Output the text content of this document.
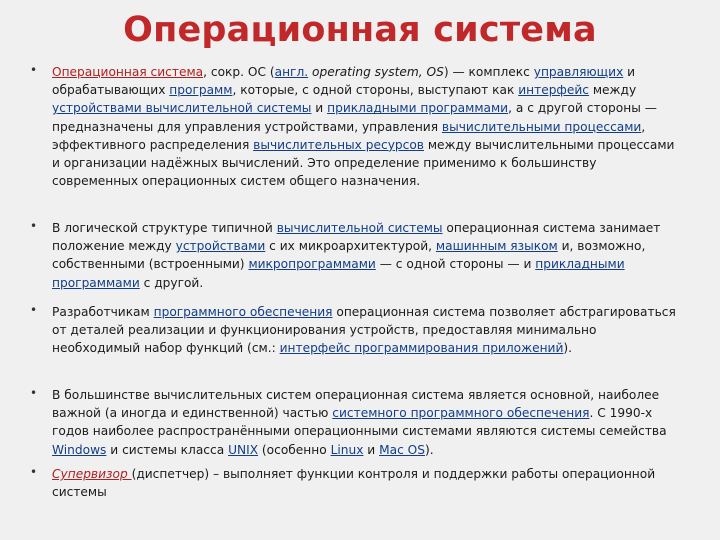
Операционная система
• Операционная система, сокр. ОС (англ. operating system, OS) — комплекс управляющих и обрабатывающих программ, которые, с одной стороны, выступают как интерфейс между устройствами вычислительной системы и прикладными программами, а с другой стороны — предназначены для управления устройствами, управления вычислительными процессами, эффективного распределения вычислительных ресурсов между вычислительными процессами и организации надёжных вычислений. Это определение применимо к большинству современных операционных систем общего назначения.
• В логической структуре типичной вычислительной системы операционная система занимает положение между устройствами с их микроархитектурой, машинным языком и, возможно, собственными (встроенными) микропрограммами — с одной стороны — и прикладными программами с другой.
• Разработчикам программного обеспечения операционная система позволяет абстрагироваться от деталей реализации и функционирования устройств, предоставляя минимально необходимый набор функций (см.: интерфейс программирования приложений).
• В большинстве вычислительных систем операционная система является основной, наиболее важной (а иногда и единственной) частью системного программного обеспечения. С 1990-х годов наиболее распространёнными операционными системами являются системы семейства Windows и системы класса UNIX (особенно Linux и Mac OS).
• Супервизор (диспетчер) – выполняет функции контроля и поддержки работы операционной системы
